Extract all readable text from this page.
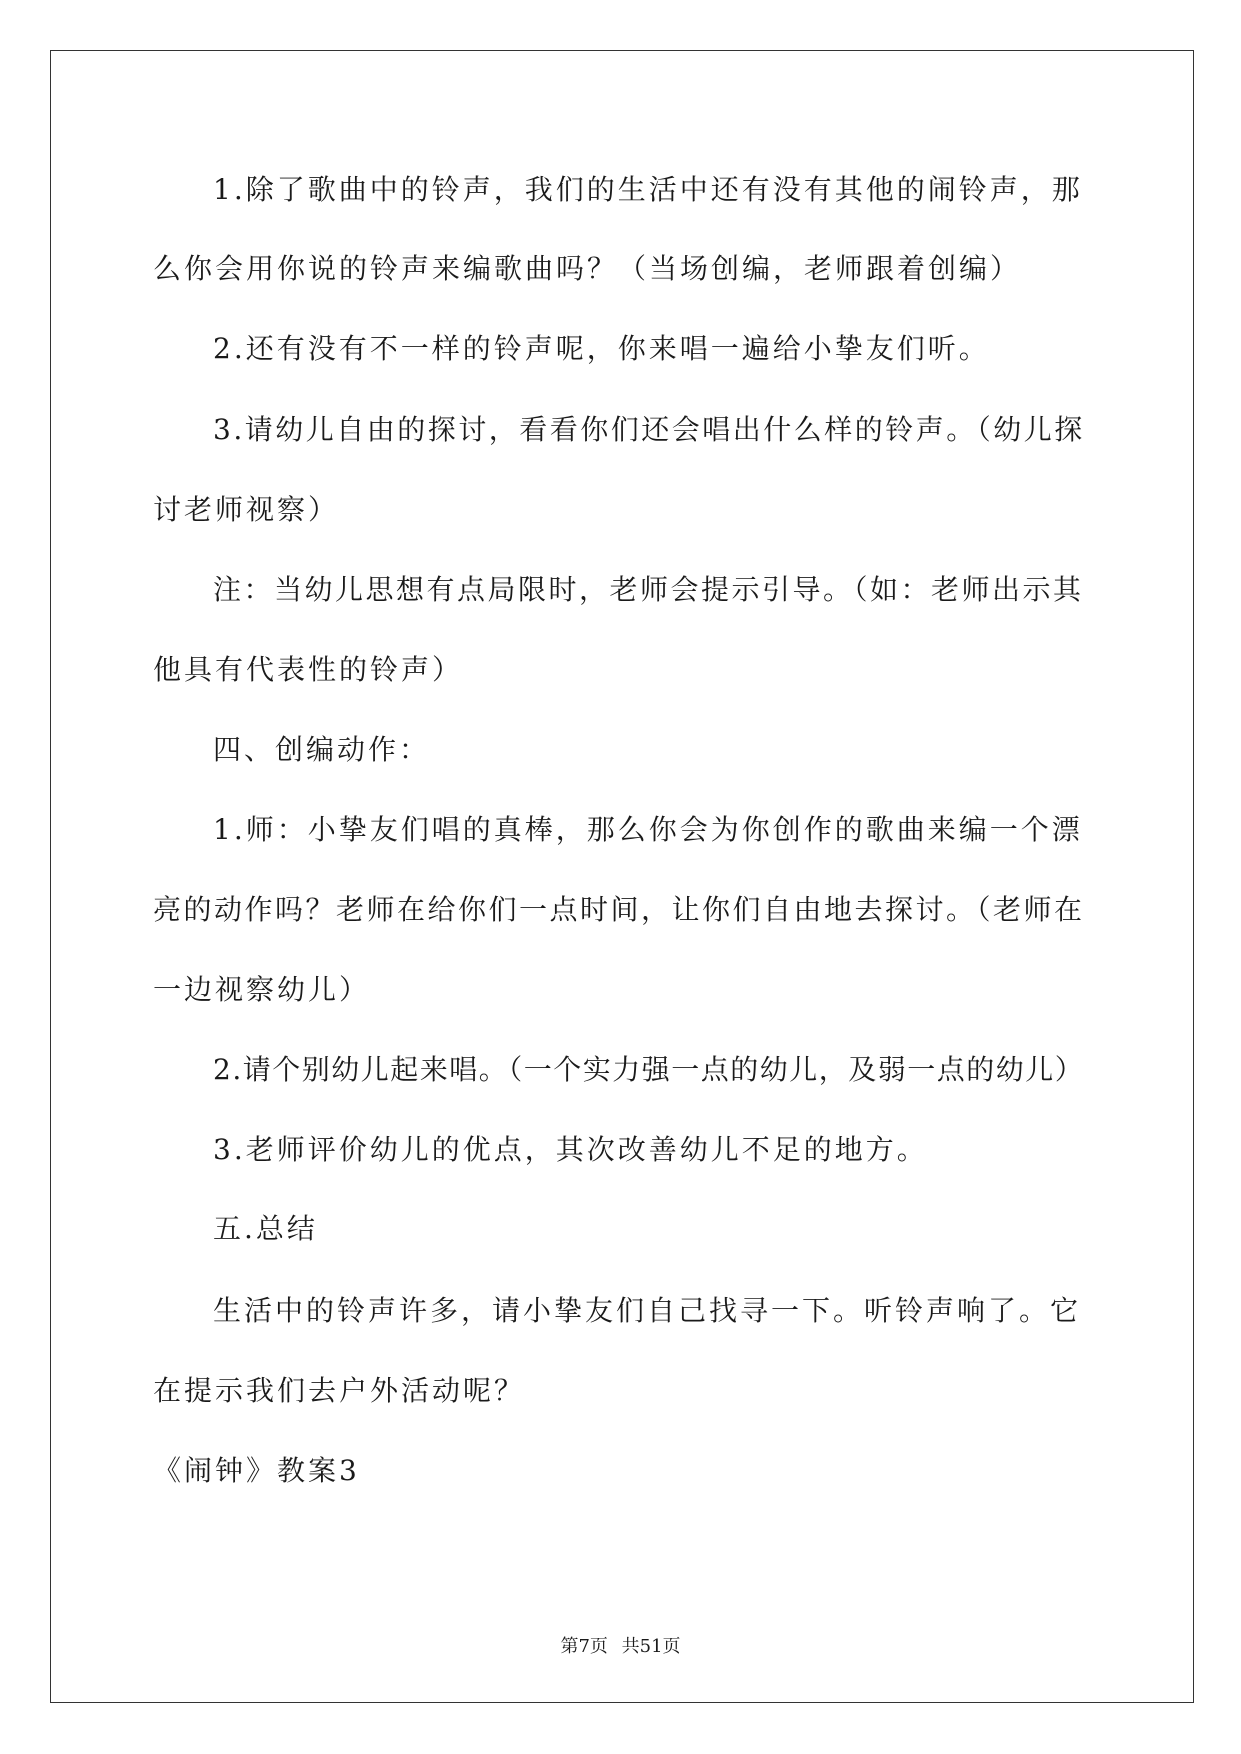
1.除了歌曲中的铃声，我们的生活中还有没有其他的闹铃声，那

么你会用你说的铃声来编歌曲吗？（当场创编，老师跟着创编）

2.还有没有不一样的铃声呢，你来唱一遍给小挚友们听。

3.请幼儿自由的探讨，看看你们还会唱出什么样的铃声。（幼儿探

讨老师视察）

注：当幼儿思想有点局限时，老师会提示引导。（如：老师出示其

他具有代表性的铃声）

四、创编动作：

1.师：小挚友们唱的真棒，那么你会为你创作的歌曲来编一个漂

亮的动作吗？老师在给你们一点时间，让你们自由地去探讨。（老师在

一边视察幼儿）

2.请个别幼儿起来唱。（一个实力强一点的幼儿，及弱一点的幼儿）

3.老师评价幼儿的优点，其次改善幼儿不足的地方。

五.总结

生活中的铃声许多，请小挚友们自己找寻一下。听铃声响了。它

在提示我们去户外活动呢？

《闹钟》教案3

第7页 共51页
